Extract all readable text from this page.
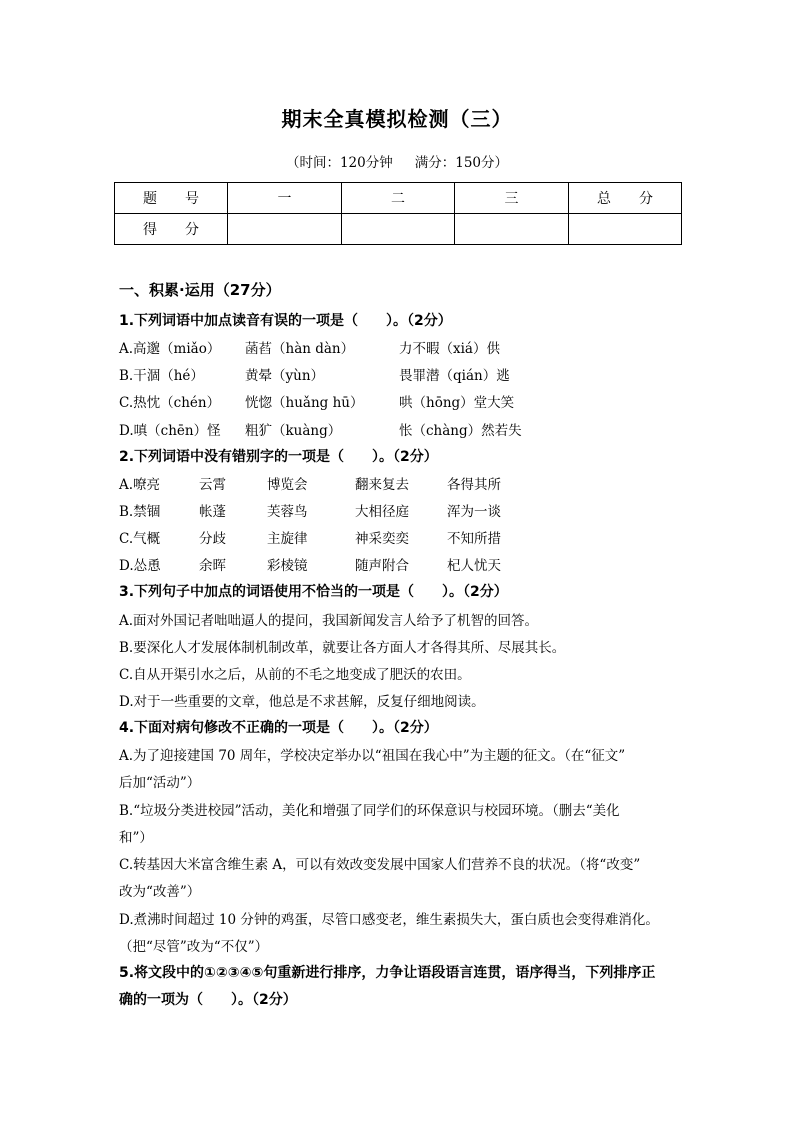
期末全真模拟检测（三）
（时间：120分钟 满分：150分）
题　　号	一	二	三	总　　分
得　　分				
一、积累·运用（27分）
1.下列词语中加点读音有误的一项是（　　）。（2分）
A.高邈（miǎo） 菡萏（hàn dàn）	力不暇（xiá）供
B.干涸（hé）	黄晕（yùn）	畏罪潜（qián）逃
C.热忱（chén） 恍惚（huǎng hū）	哄（hōng）堂大笑
D.嗔（chēn）怪 粗犷（kuàng）	怅（chàng）然若失
2.下列词语中没有错别字的一项是（　　）。（2分）
A.嘹亮	云霄	博览会	翻来复去	各得其所
B.禁锢	帐蓬	芙蓉鸟	大相径庭	浑为一谈
C.气概	分歧	主旋律	神采奕奕	不知所措
D.怂恿	余晖	彩棱镜	随声附合	杞人忧天
3.下列句子中加点的词语使用不恰当的一项是（　　）。（2分）
A.面对外国记者咄咄逼人的提问，我国新闻发言人给予了机智的回答。
B.要深化人才发展体制机制改革，就要让各方面人才各得其所、尽展其长。
C.自从开渠引水之后，从前的不毛之地变成了肥沃的农田。
D.对于一些重要的文章，他总是不求甚解，反复仔细地阅读。
4.下面对病句修改不正确的一项是（　　）。（2分）
A.为了迎接建国 70 周年，学校决定举办以“祖国在我心中”为主题的征文。（在“征文”
后加“活动”）
B.“垃圾分类进校园”活动，美化和增强了同学们的环保意识与校园环境。（删去“美化
和”）
C.转基因大米富含维生素 A，可以有效改变发展中国家人们营养不良的状况。（将“改变”
改为“改善”）
D.煮沸时间超过 10 分钟的鸡蛋，尽管口感变老，维生素损失大，蛋白质也会变得难消化。
（把“尽管”改为“不仅”）
5.将文段中的①②③④⑤句重新进行排序，力争让语段语言连贯，语序得当，下列排序正
确的一项为（　　）。（2分）
